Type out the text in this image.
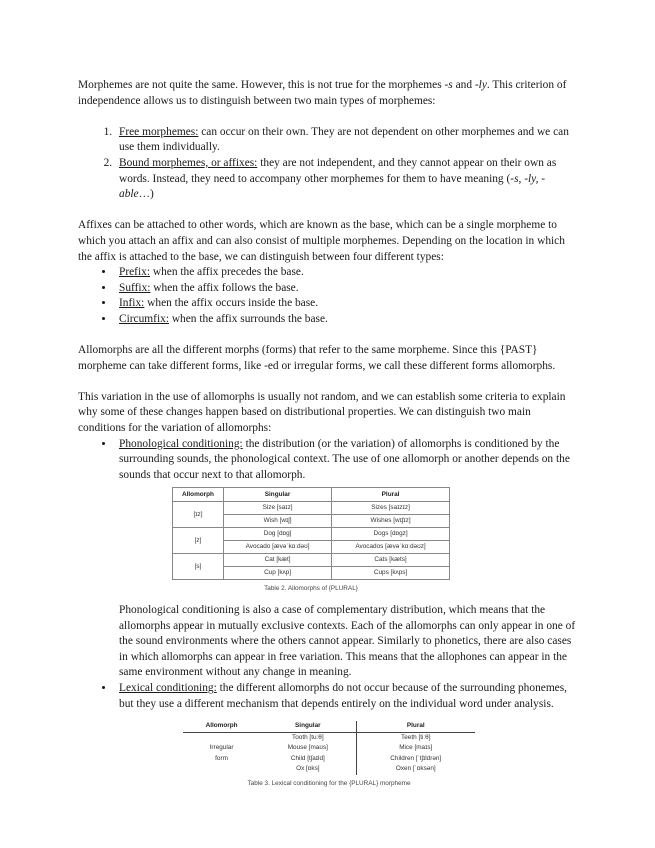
Morphemes are not quite the same. However, this is not true for the morphemes -s and -ly. This criterion of independence allows us to distinguish between two main types of morphemes:

1. Free morphemes: can occur on their own. They are not dependent on other morphemes and we can use them individually.
2. Bound morphemes, or affixes: they are not independent, and they cannot appear on their own as words. Instead, they need to accompany other morphemes for them to have meaning (-s, -ly, -able…)

Affixes can be attached to other words, which are known as the base, which can be a single morpheme to which you attach an affix and can also consist of multiple morphemes. Depending on the location in which the affix is attached to the base, we can distinguish between four different types:

• Prefix: when the affix precedes the base.
• Suffix: when the affix follows the base.
• Infix: when the affix occurs inside the base.
• Circumfix: when the affix surrounds the base.

Allomorphs are all the different morphs (forms) that refer to the same morpheme. Since this {PAST} morpheme can take different forms, like -ed or irregular forms, we call these different forms allomorphs.

This variation in the use of allomorphs is usually not random, and we can establish some criteria to explain why some of these changes happen based on distributional properties. We can distinguish two main conditions for the variation of allomorphs:

• Phonological conditioning: the distribution (or the variation) of allomorphs is conditioned by the surrounding sounds, the phonological context. The use of one allomorph or another depends on the sounds that occur next to that allomorph.
Allomorph	Singular	Plural
[ɪz]	Size [saɪz]	Sizes [saɪzɪz]
	Wish [wɪʃ]	Wishes [wɪʃɪz]
[z]	Dog [dɒg]	Dogs [dɒgz]
	Avocado [ævəˈkɑːdəʊ]	Avocados [ævəˈkɑːdəʊz]
[s]	Cat [kæt]	Cats [kæts]
	Cup [kʌp]	Cups [kʌps]
Table 2. Allomorphs of {PLURAL}

Phonological conditioning is also a case of complementary distribution, which means that the allomorphs appear in mutually exclusive contexts. Each of the allomorphs can only appear in one of the sound environments where the others cannot appear. Similarly to phonetics, there are also cases in which allomorphs can appear in free variation. This means that the allophones can appear in the same environment without any change in meaning.

• Lexical conditioning: the different allomorphs do not occur because of the surrounding phonemes, but they use a different mechanism that depends entirely on the individual word under analysis.
Allomorph	Singular	Plural
	Tooth [tuːθ]	Teeth [tiːθ]
Irregular	Mouse [maʊs]	Mice [maɪs]
form	Child [tʃaɪld]	Children [ˈtʃɪldrən]
	Ox [ɒks]	Oxen [ˈɒksən]
Table 3. Lexical conditioning for the {PLURAL} morpheme
